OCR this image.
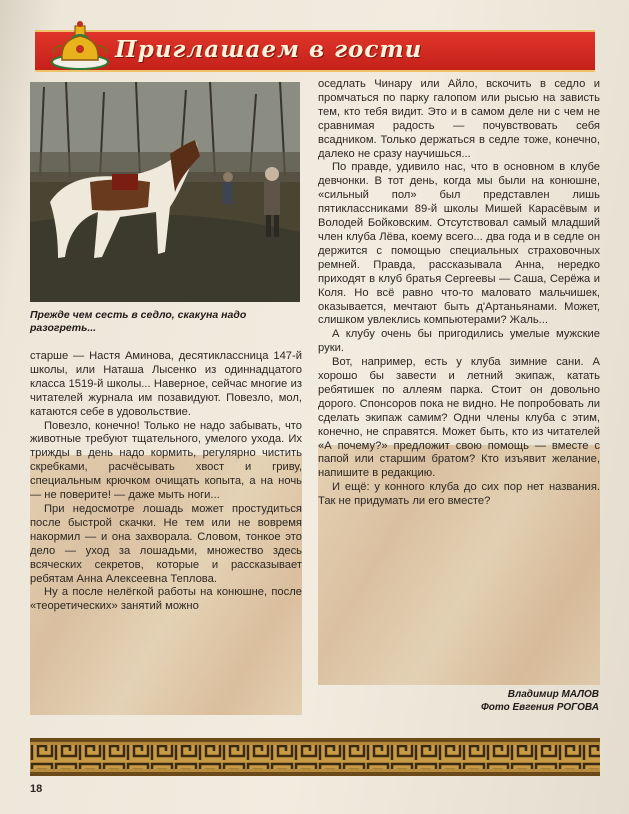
Приглашаем в гости
Прежде чем сесть в седло, скакуна надо разогреть...

старше — Настя Аминова, десятиклассница 147-й школы, или Наташа Лысенко из одиннадцатого класса 1519-й школы... Наверное, сейчас многие из читателей журнала им позавидуют. Повезло, мол, катаются себе в удовольствие.

Повезло, конечно! Только не надо забывать, что животные требуют тщательного, умелого ухода. Их трижды в день надо кормить, регулярно чистить скребками, расчёсывать хвост и гриву, специальным крючком очищать копыта, а на ночь — не поверите! — даже мыть ноги...

При недосмотре лошадь может простудиться после быстрой скачки. Не тем или не вовремя накормил — и она захворала. Словом, тонкое это дело — уход за лошадьми, множество здесь всяческих секретов, которые и рассказывает ребятам Анна Алексеевна Теплова.

Ну а после нелёгкой работы на конюшне, после «теоретических» занятий можно

оседлать Чинару или Айло, вскочить в седло и промчаться по парку галопом или рысью на зависть тем, кто тебя видит. Это и в самом деле ни с чем не сравнимая радость — почувствовать себя всадником. Только держаться в седле тоже, конечно, далеко не сразу научишься...

По правде, удивило нас, что в основном в клубе девчонки. В тот день, когда мы были на конюшне, «сильный пол» был представлен лишь пятиклассниками 89-й школы Мишей Карасёвым и Володей Бойковским. Отсутствовал самый младший член клуба Лёва, коему всего... два года и в седле он держится с помощью специальных страховочных ремней. Правда, рассказывала Анна, нередко приходят в клуб братья Сергеевы — Саша, Серёжа и Коля. Но всё равно что-то маловато мальчишек, оказывается, мечтают быть д'Артаньянами. Может, слишком увлеклись компьютерами? Жаль...

А клубу очень бы пригодились умелые мужские руки.

Вот, например, есть у клуба зимние сани. А хорошо бы завести и летний экипаж, катать ребятишек по аллеям парка. Стоит он довольно дорого. Спонсоров пока не видно. Не попробовать ли сделать экипаж самим? Одни члены клуба с этим, конечно, не справятся. Может быть, кто из читателей «А почему?» предложит свою помощь — вместе с папой или старшим братом? Кто изъявит желание, напишите в редакцию.

И ещё: у конного клуба до сих пор нет названия. Так не придумать ли его вместе?

Владимир МАЛОВ
Фото Евгения РОГОВА
18
